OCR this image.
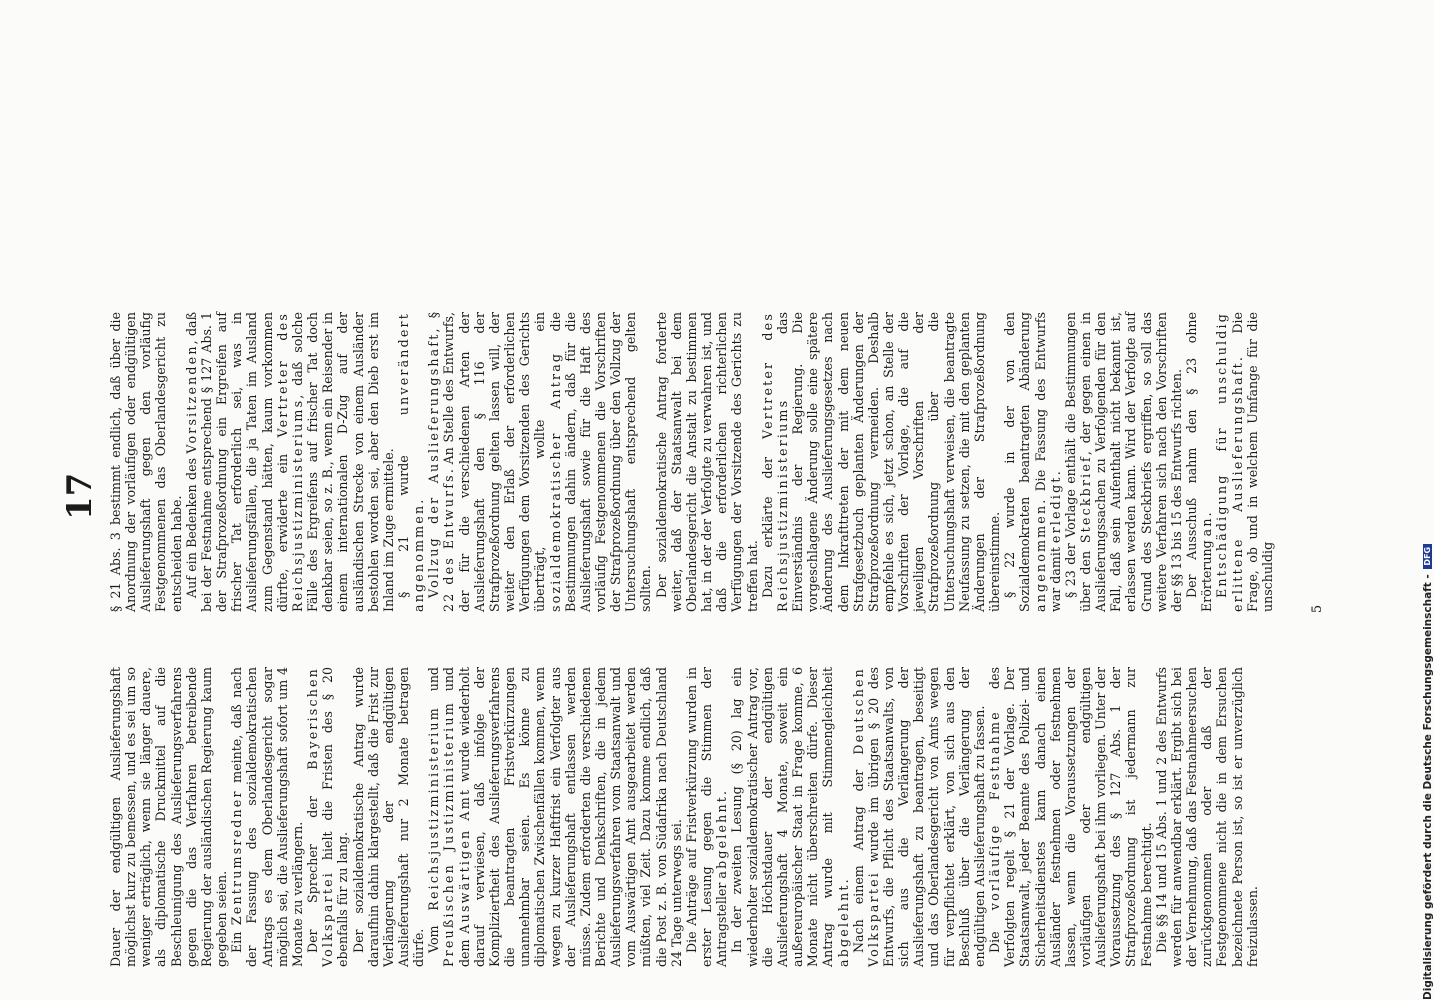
17

Dauer der endgültigen Auslieferungshaft möglichst kurz zu bemessen, und es sei um so weniger erträglich, wenn sie länger dauere, als diplomatische Druckmittel auf die Beschleunigung des Auslieferungsverfahrens gegen die das Verfahren betreibende Regierung der ausländischen Regierung kaum gegeben seien. Ein Zentrumsredner meinte, daß nach der Fassung des sozialdemokratischen Antrags es dem Oberlandesgericht sogar möglich sei, die Auslieferungshaft sofort um 4 Monate zu verlängern. Der Sprecher der Bayerischen Volkspartei hielt die Fristen des § 20 ebenfalls für zu lang. Der sozialdemokratische Antrag wurde daraufhin dahin klargestellt, daß die Frist zur Verlängerung der endgültigen Auslieferungshaft nur 2 Monate betragen dürfe. Vom Reichsjustizministerium und Preußischen Justizministerium und dem Auswärtigen Amt wurde wiederholt darauf verwiesen, daß infolge der Kompliziertheit des Auslieferungsverfahrens die beantragten Fristverkürzungen unannehmbar seien. Es könne zu diplomatischen Zwischenfällen kommen, wenn wegen zu kurzer Haftfrist ein Verfolgter aus der Auslieferungshaft entlassen werden müsse. Zudem erforderten die verschiedenen Berichte und Denkschriften, die in jedem Auslieferungsverfahren vom Staatsanwalt und vom Auswärtigen Amt ausgearbeitet werden müßten, viel Zeit. Dazu komme endlich, daß die Post z. B. von Südafrika nach Deutschland 24 Tage unterwegs sei. Die Anträge auf Fristverkürzung wurden in erster Lesung gegen die Stimmen der Antragsteller abgelehnt. In der zweiten Lesung (§ 20) lag ein wiederholter sozialdemokratischer Antrag vor, die Höchstdauer der endgültigen Auslieferungshaft 4 Monate, soweit ein außereuropäischer Staat in Frage komme, 6 Monate nicht überschreiten dürfe. Dieser Antrag wurde mit Stimmengleichheit abgelehnt. Nach einem Antrag der Deutschen Volkspartei wurde im übrigen § 20 des Entwurfs, die Pflicht des Staatsanwalts, von sich aus die Verlängerung der Auslieferungshaft zu beantragen, beseitigt und das Oberlandesgericht von Amts wegen für verpflichtet erklärt, von sich aus den Beschluß über die Verlängerung der endgültigen Auslieferungshaft zu fassen. Die vorläufige Festnahme des Verfolgten regelt § 21 der Vorlage. Der Staatsanwalt, jeder Beamte des Polizei- und Sicherheitsdienstes kann danach einen Ausländer festnehmen oder festnehmen lassen, wenn die Voraussetzungen der vorläufigen oder endgültigen Auslieferungshaft bei ihm vorliegen. Unter der Voraussetzung des § 127 Abs. 1 der Strafprozeßordnung ist jedermann zur Festnahme berechtigt. Die §§ 14 und 15 Abs. 1 und 2 des Entwurfs werden für anwendbar erklärt. Ergibt sich bei der Vernehmung, daß das Festnahmeersuchen zurückgenommen oder daß der Festgenommene nicht die in dem Ersuchen bezeichnete Person ist, so ist er unverzüglich freizulassen.

§ 21 Abs. 3 bestimmt endlich, daß über die Anordnung der vorläufigen oder endgültigen Auslieferungshaft gegen den vorläufig Festgenommenen das Oberlandesgericht zu entscheiden habe. Auf ein Bedenken des Vorsitzenden, daß bei der Festnahme entsprechend § 127 Abs. 1 der Strafprozeßordnung ein Ergreifen auf frischer Tat erforderlich sei, was in Auslieferungsfällen, die ja Taten im Ausland zum Gegenstand hätten, kaum vorkommen dürfte, erwiderte ein Vertreter des Reichsjustizministeriums, daß solche Fälle des Ergreifens auf frischer Tat doch denkbar seien, so z. B., wenn ein Reisender in einem internationalen D-Zug auf der ausländischen Strecke von einem Ausländer bestohlen worden sei, aber den Dieb erst im Inland im Zuge ermittele. § 21 wurde unverändert angenommen. Vollzug der Auslieferungshaft, § 22 des Entwurfs. An Stelle des Entwurfs, der für die verschiedenen Arten der Auslieferungshaft den § 116 der Strafprozeßordnung gelten lassen will, der weiter den Erlaß der erforderlichen Verfügungen dem Vorsitzenden des Gerichts überträgt, wollte ein sozialdemokratischer Antrag die Bestimmungen dahin ändern, daß für die Auslieferungshaft sowie für die Haft des vorläufig Festgenommenen die Vorschriften der Strafprozeßordnung über den Vollzug der Untersuchungshaft entsprechend gelten sollten. Der sozialdemokratische Antrag forderte weiter, daß der Staatsanwalt bei dem Oberlandesgericht die Anstalt zu bestimmen hat, in der der Verfolgte zu verwahren ist, und daß die erforderlichen richterlichen Verfügungen der Vorsitzende des Gerichts zu treffen hat. Dazu erklärte der Vertreter des Reichsjustizministeriums das Einverständnis der Regierung. Die vorgeschlagene Änderung solle eine spätere Änderung des Auslieferungsgesetzes nach dem Inkrafttreten der mit dem neuen Strafgesetzbuch geplanten Änderungen der Strafprozeßordnung vermeiden. Deshalb empfehle es sich, jetzt schon, an Stelle der Vorschriften der Vorlage, die auf die jeweiligen Vorschriften der Strafprozeßordnung über die Untersuchungshaft verweisen, die beantragte Neufassung zu setzen, die mit den geplanten Änderungen der Strafprozeßordnung übereinstimme. § 22 wurde in der von den Sozialdemokraten beantragten Abänderung angenommen. Die Fassung des Entwurfs war damit erledigt. § 23 der Vorlage enthält die Bestimmungen über den Steckbrief, der gegen einen in Auslieferungssachen zu Verfolgenden für den Fall, daß sein Aufenthalt nicht bekannt ist, erlassen werden kann. Wird der Verfolgte auf Grund des Steckbriefs ergriffen, so soll das weitere Verfahren sich nach den Vorschriften der §§ 13 bis 15 des Entwurfs richten. Der Ausschuß nahm den § 23 ohne Erörterung an. Entschädigung für unschuldig erlittene Auslieferungshaft. Die Frage, ob und in welchem Umfange für die unschuldig	5	Digitalisierung gefördert durch die Deutsche Forschungsgemeinschaft - DFG
